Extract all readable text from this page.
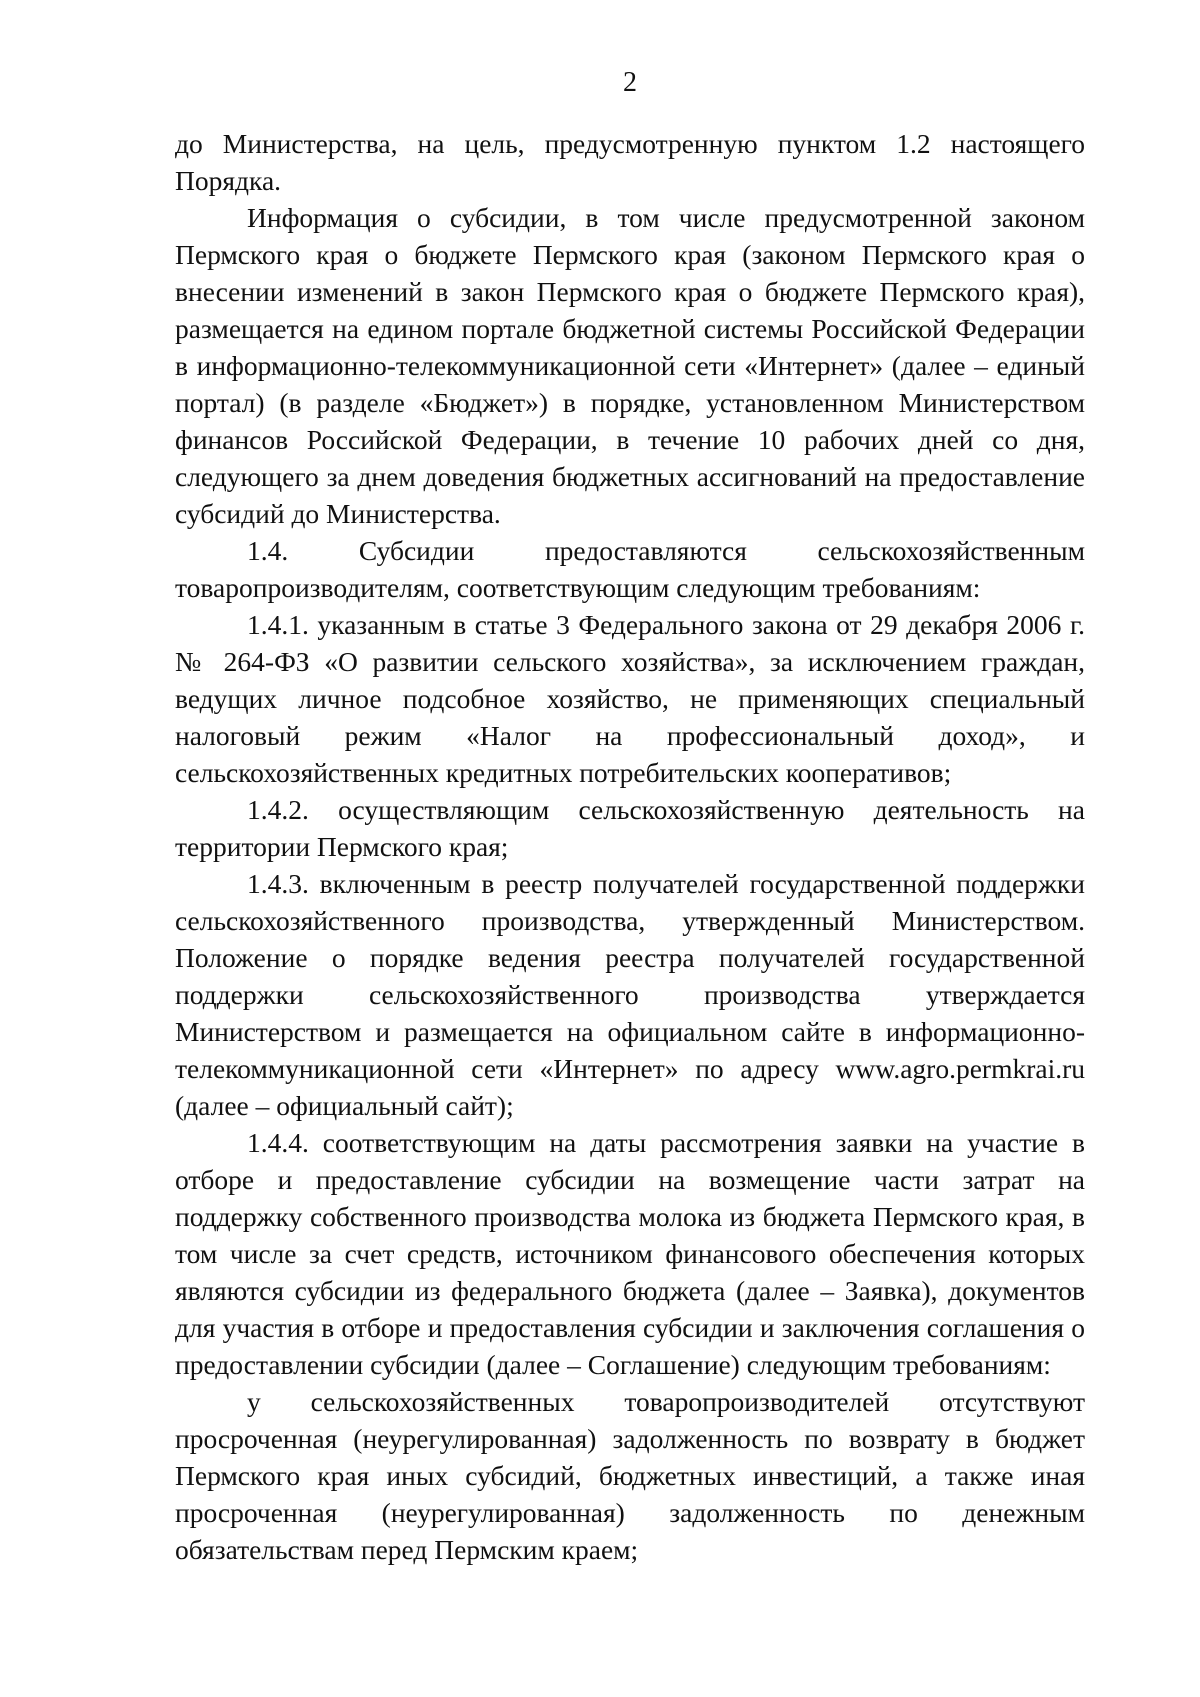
2

до Министерства, на цель, предусмотренную пунктом 1.2 настоящего Порядка.

Информация о субсидии, в том числе предусмотренной законом Пермского края о бюджете Пермского края (законом Пермского края о внесении изменений в закон Пермского края о бюджете Пермского края), размещается на едином портале бюджетной системы Российской Федерации в информационно-телекоммуникационной сети «Интернет» (далее – единый портал) (в разделе «Бюджет») в порядке, установленном Министерством финансов Российской Федерации, в течение 10 рабочих дней со дня, следующего за днем доведения бюджетных ассигнований на предоставление субсидий до Министерства.

1.4. Субсидии предоставляются сельскохозяйственным товаропроизводителям, соответствующим следующим требованиям:

1.4.1. указанным в статье 3 Федерального закона от 29 декабря 2006 г. № 264-ФЗ «О развитии сельского хозяйства», за исключением граждан, ведущих личное подсобное хозяйство, не применяющих специальный налоговый режим «Налог на профессиональный доход», и сельскохозяйственных кредитных потребительских кооперативов;

1.4.2. осуществляющим сельскохозяйственную деятельность на территории Пермского края;

1.4.3. включенным в реестр получателей государственной поддержки сельскохозяйственного производства, утвержденный Министерством. Положение о порядке ведения реестра получателей государственной поддержки сельскохозяйственного производства утверждается Министерством и размещается на официальном сайте в информационно-телекоммуникационной сети «Интернет» по адресу www.agro.permkrai.ru (далее – официальный сайт);

1.4.4. соответствующим на даты рассмотрения заявки на участие в отборе и предоставление субсидии на возмещение части затрат на поддержку собственного производства молока из бюджета Пермского края, в том числе за счет средств, источником финансового обеспечения которых являются субсидии из федерального бюджета (далее – Заявка), документов для участия в отборе и предоставления субсидии и заключения соглашения о предоставлении субсидии (далее – Соглашение) следующим требованиям:

у сельскохозяйственных товаропроизводителей отсутствуют просроченная (неурегулированная) задолженность по возврату в бюджет Пермского края иных субсидий, бюджетных инвестиций, а также иная просроченная (неурегулированная) задолженность по денежным обязательствам перед Пермским краем;
